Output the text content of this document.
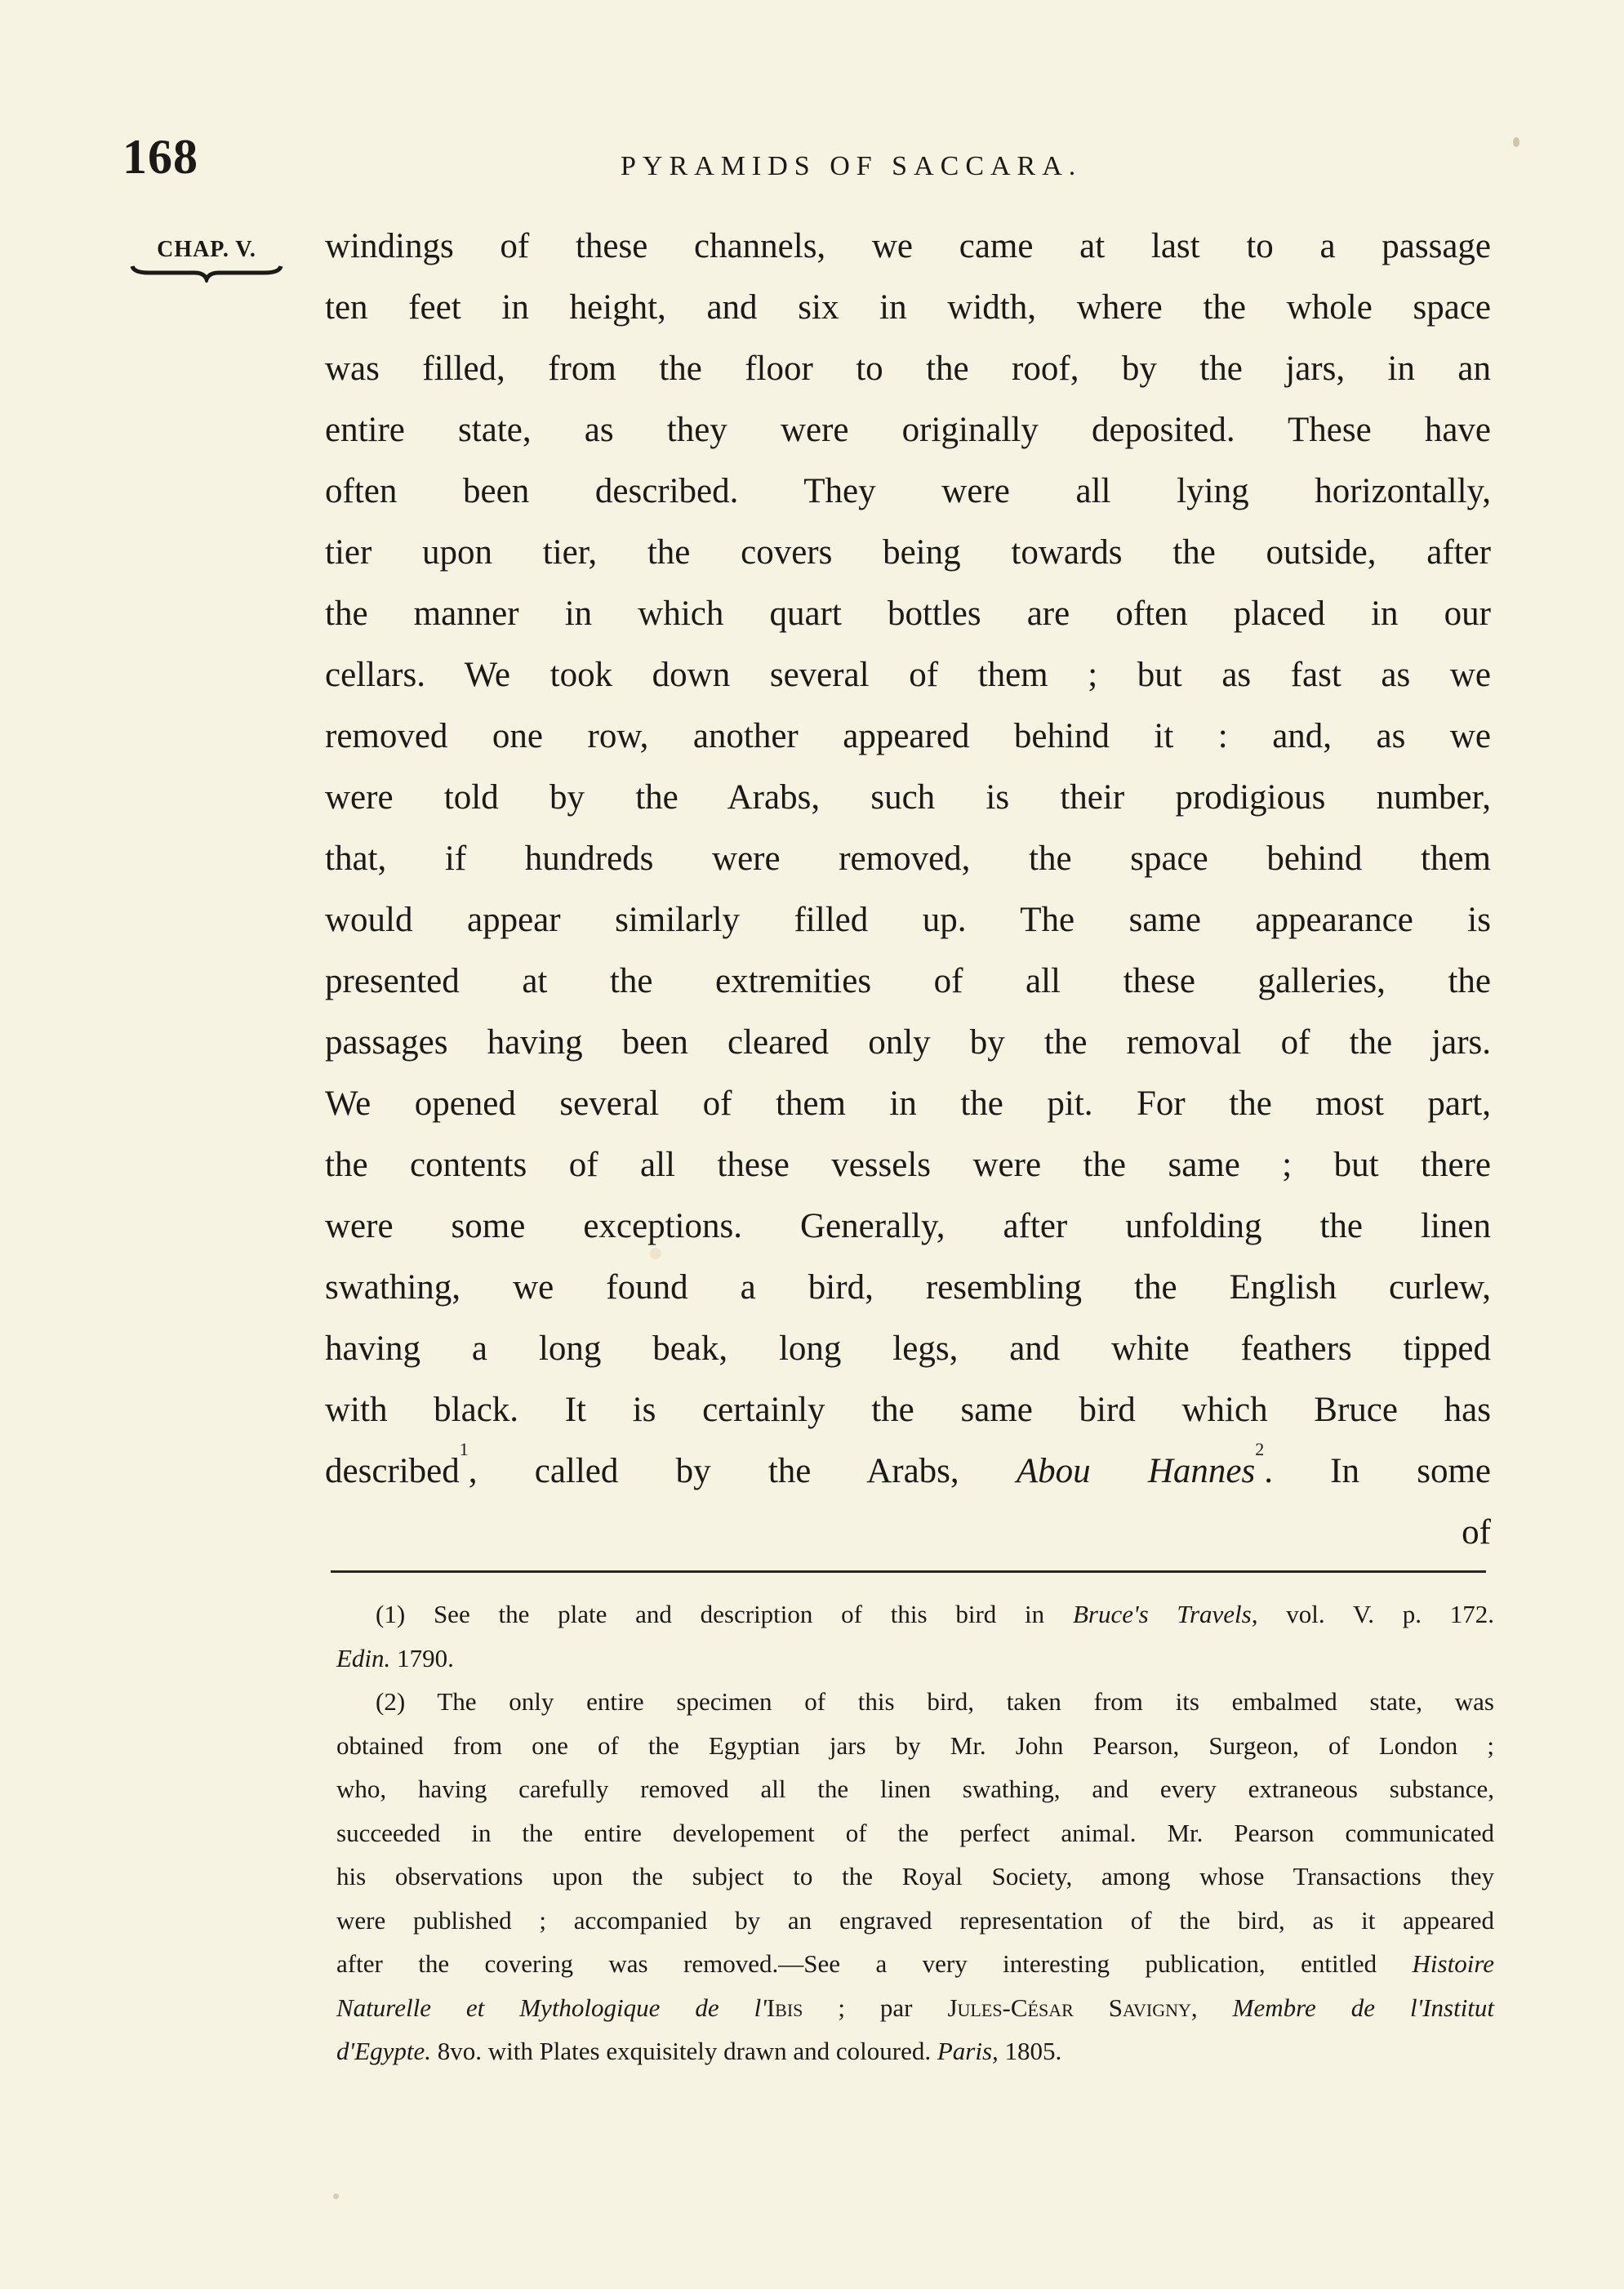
168	PYRAMIDS OF SACCARA.
CHAP. V.	windings of these channels, we came at last to a passage
ten feet in height, and six in width, where the whole space
was filled, from the floor to the roof, by the jars, in an
entire state, as they were originally deposited. These have
often been described. They were all lying horizontally,
tier upon tier, the covers being towards the outside, after
the manner in which quart bottles are often placed in our
cellars. We took down several of them ; but as fast as we
removed one row, another appeared behind it : and, as we
were told by the Arabs, such is their prodigious number,
that, if hundreds were removed, the space behind them
would appear similarly filled up. The same appearance is
presented at the extremities of all these galleries, the
passages having been cleared only by the removal of the jars.
We opened several of them in the pit. For the most part,
the contents of all these vessels were the same ; but there
were some exceptions. Generally, after unfolding the linen
swathing, we found a bird, resembling the English curlew,
having a long beak, long legs, and white feathers tipped
with black. It is certainly the same bird which Bruce has
described$^1$, called by the Arabs, Abou Hannes$^2$. In some
of
(1) See the plate and description of this bird in Bruce's Travels, vol. V. p. 172.
Edin. 1790.
(2) The only entire specimen of this bird, taken from its embalmed state, was
obtained from one of the Egyptian jars by Mr. John Pearson, Surgeon, of London ;
who, having carefully removed all the linen swathing, and every extraneous substance,
succeeded in the entire developement of the perfect animal. Mr. Pearson communicated
his observations upon the subject to the Royal Society, among whose Transactions they
were published ; accompanied by an engraved representation of the bird, as it appeared
after the covering was removed.—See a very interesting publication, entitled Histoire
Naturelle et Mythologique de l'Ibis ; par Jules-César Savigny, Membre de l'Institut
d'Egypte. 8vo. with Plates exquisitely drawn and coloured. Paris, 1805.
